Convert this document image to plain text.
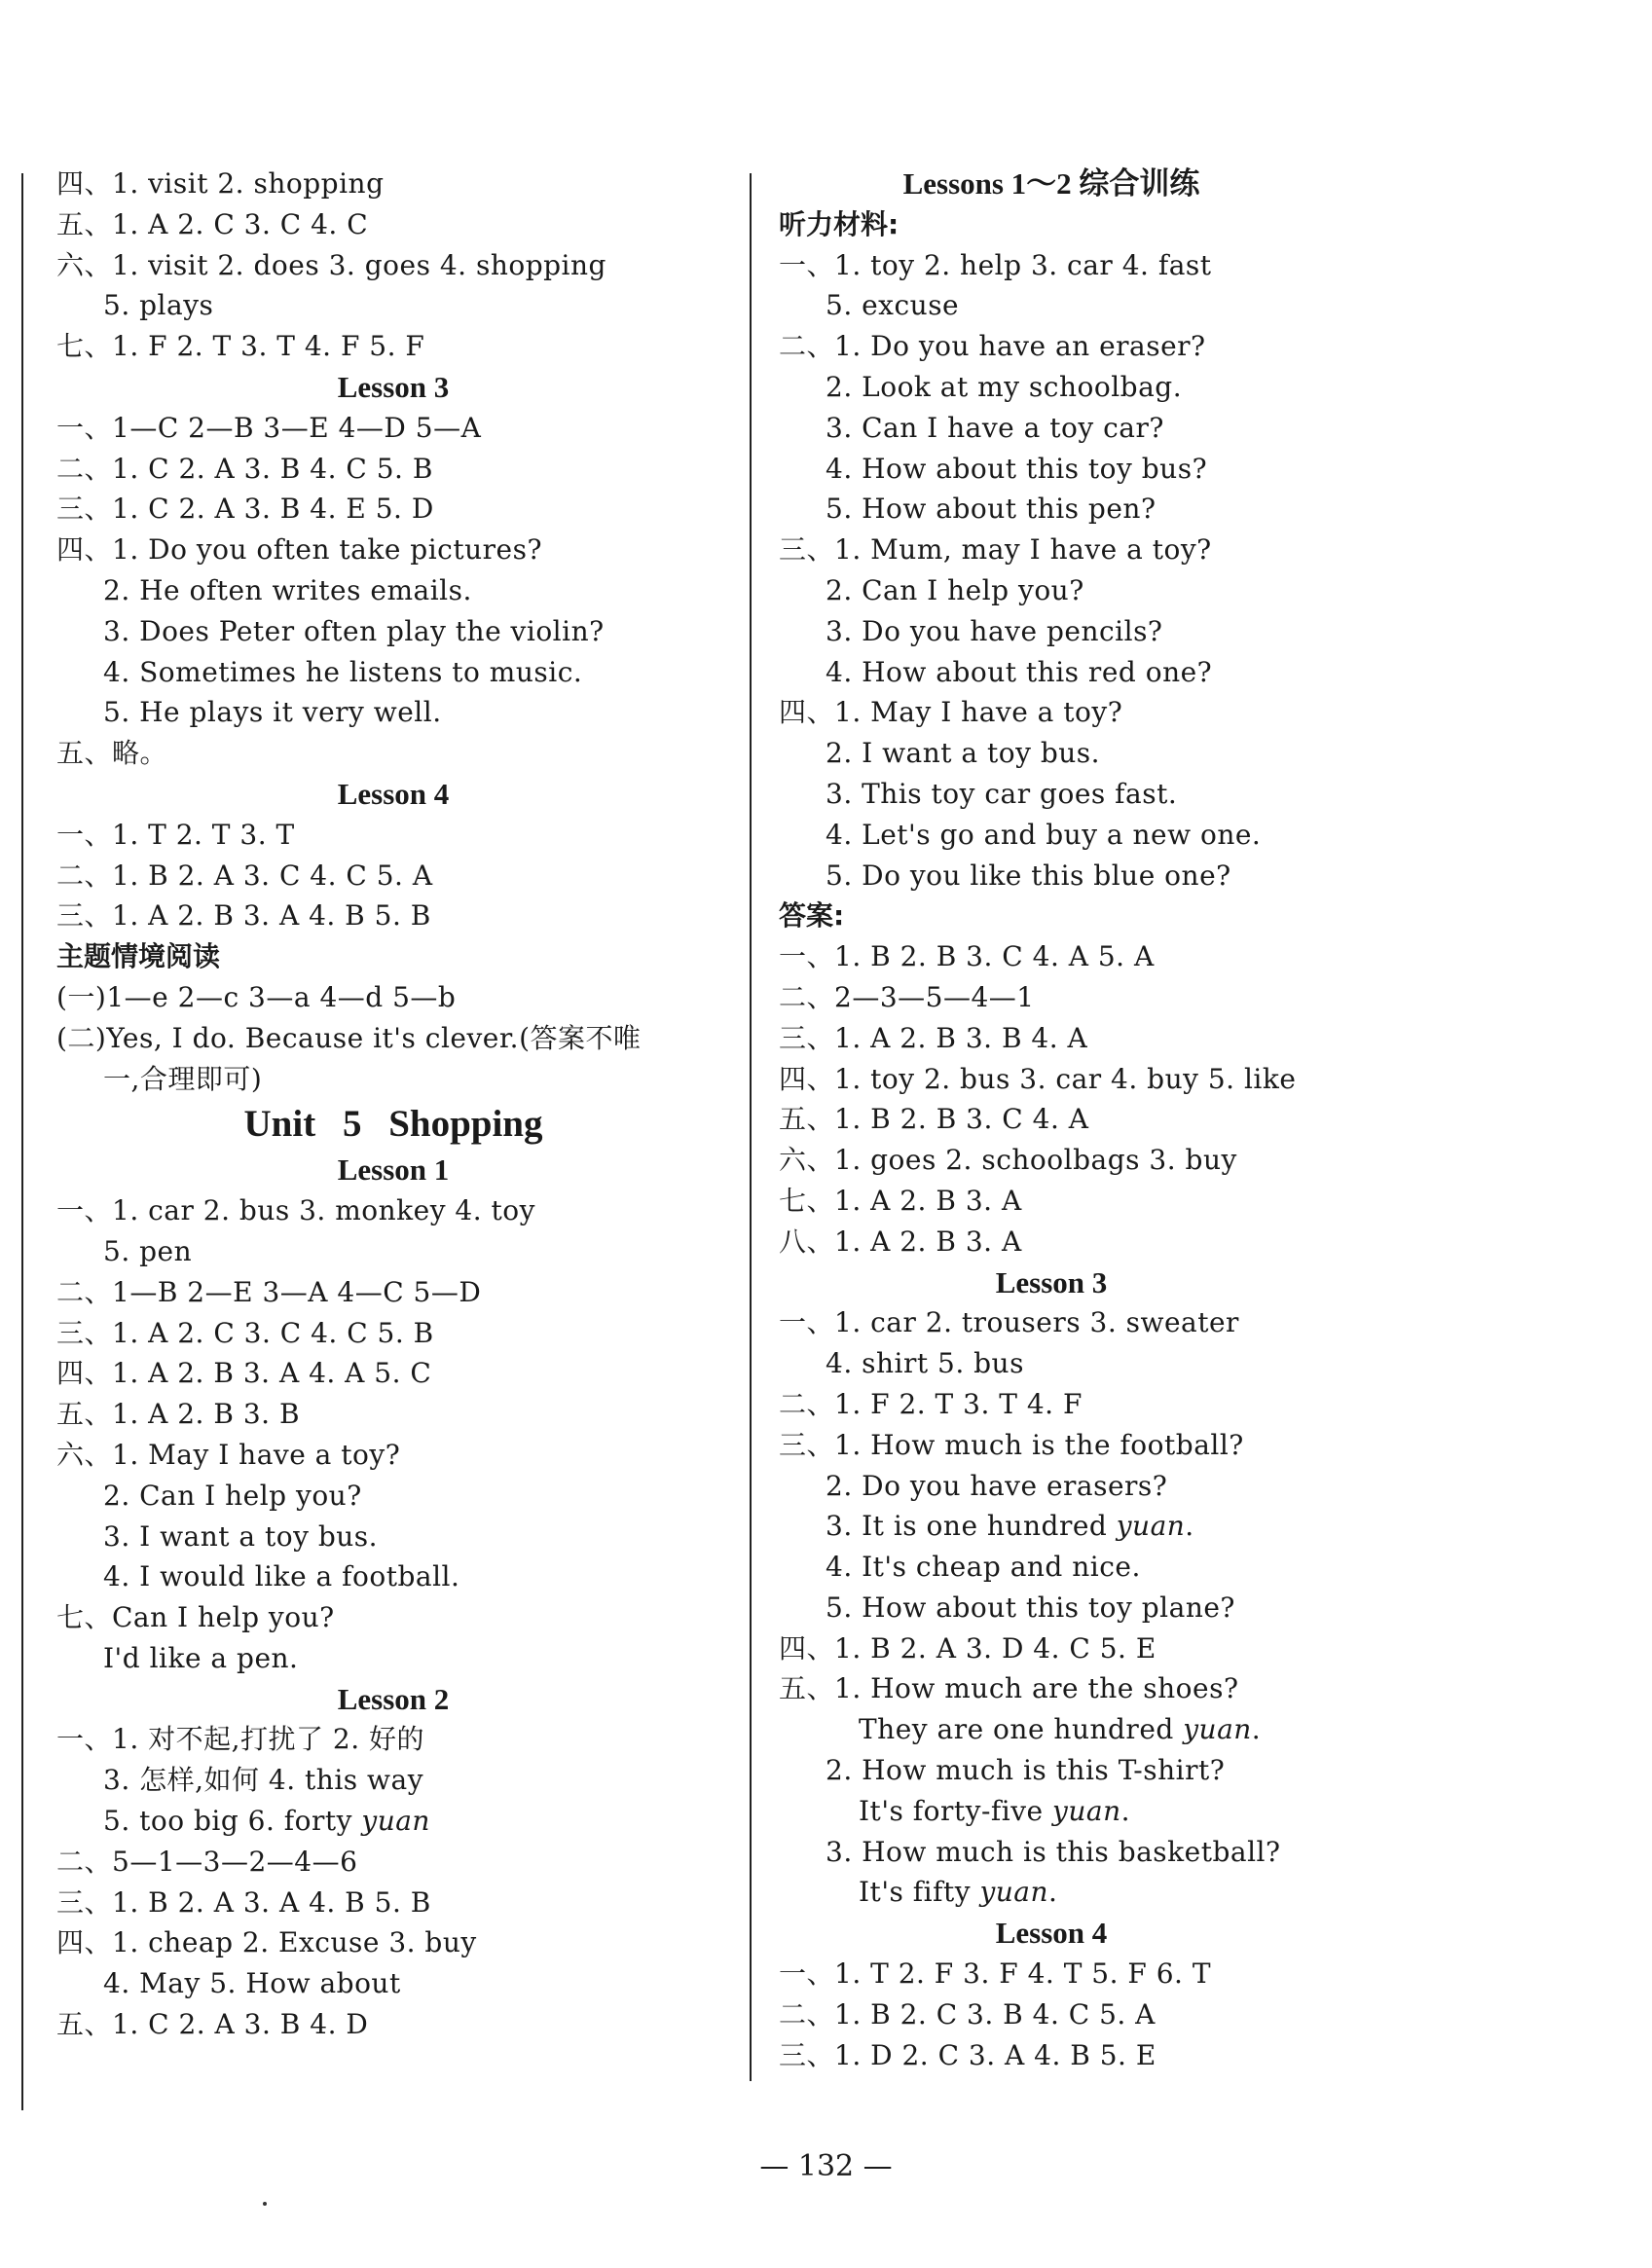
四、1. visit 2. shopping
五、1. A 2. C 3. C 4. C
六、1. visit 2. does 3. goes 4. shopping
5. plays
七、1. F 2. T 3. T 4. F 5. F
Lesson 3
一、1—C 2—B 3—E 4—D 5—A
二、1. C 2. A 3. B 4. C 5. B
三、1. C 2. A 3. B 4. E 5. D
四、1. Do you often take pictures?
2. He often writes emails.
3. Does Peter often play the violin?
4. Sometimes he listens to music.
5. He plays it very well.
五、略。
Lesson 4
一、1. T 2. T 3. T
二、1. B 2. A 3. C 4. C 5. A
三、1. A 2. B 3. A 4. B 5. B
主题情境阅读
(一)1—e 2—c 3—a 4—d 5—b
(二)Yes, I do. Because it's clever.(答案不唯
一,合理即可)
Unit 5 Shopping
Lesson 1
一、1. car 2. bus 3. monkey 4. toy
5. pen
二、1—B 2—E 3—A 4—C 5—D
三、1. A 2. C 3. C 4. C 5. B
四、1. A 2. B 3. A 4. A 5. C
五、1. A 2. B 3. B
六、1. May I have a toy?
2. Can I help you?
3. I want a toy bus.
4. I would like a football.
七、Can I help you?
I'd like a pen.
Lesson 2
一、1. 对不起,打扰了 2. 好的
3. 怎样,如何 4. this way
5. too big 6. forty yuan
二、5—1—3—2—4—6
三、1. B 2. A 3. A 4. B 5. B
四、1. cheap 2. Excuse 3. buy
4. May 5. How about
五、1. C 2. A 3. B 4. D
Lessons 1～2 综合训练
听力材料:
一、1. toy 2. help 3. car 4. fast
5. excuse
二、1. Do you have an eraser?
2. Look at my schoolbag.
3. Can I have a toy car?
4. How about this toy bus?
5. How about this pen?
三、1. Mum, may I have a toy?
2. Can I help you?
3. Do you have pencils?
4. How about this red one?
四、1. May I have a toy?
2. I want a toy bus.
3. This toy car goes fast.
4. Let's go and buy a new one.
5. Do you like this blue one?
答案:
一、1. B 2. B 3. C 4. A 5. A
二、2—3—5—4—1
三、1. A 2. B 3. B 4. A
四、1. toy 2. bus 3. car 4. buy 5. like
五、1. B 2. B 3. C 4. A
六、1. goes 2. schoolbags 3. buy
七、1. A 2. B 3. A
八、1. A 2. B 3. A
Lesson 3
一、1. car 2. trousers 3. sweater
4. shirt 5. bus
二、1. F 2. T 3. T 4. F
三、1. How much is the football?
2. Do you have erasers?
3. It is one hundred yuan.
4. It's cheap and nice.
5. How about this toy plane?
四、1. B 2. A 3. D 4. C 5. E
五、1. How much are the shoes?
They are one hundred yuan.
2. How much is this T-shirt?
It's forty-five yuan.
3. How much is this basketball?
It's fifty yuan.
Lesson 4
一、1. T 2. F 3. F 4. T 5. F 6. T
二、1. B 2. C 3. B 4. C 5. A
三、1. D 2. C 3. A 4. B 5. E
— 132 —
